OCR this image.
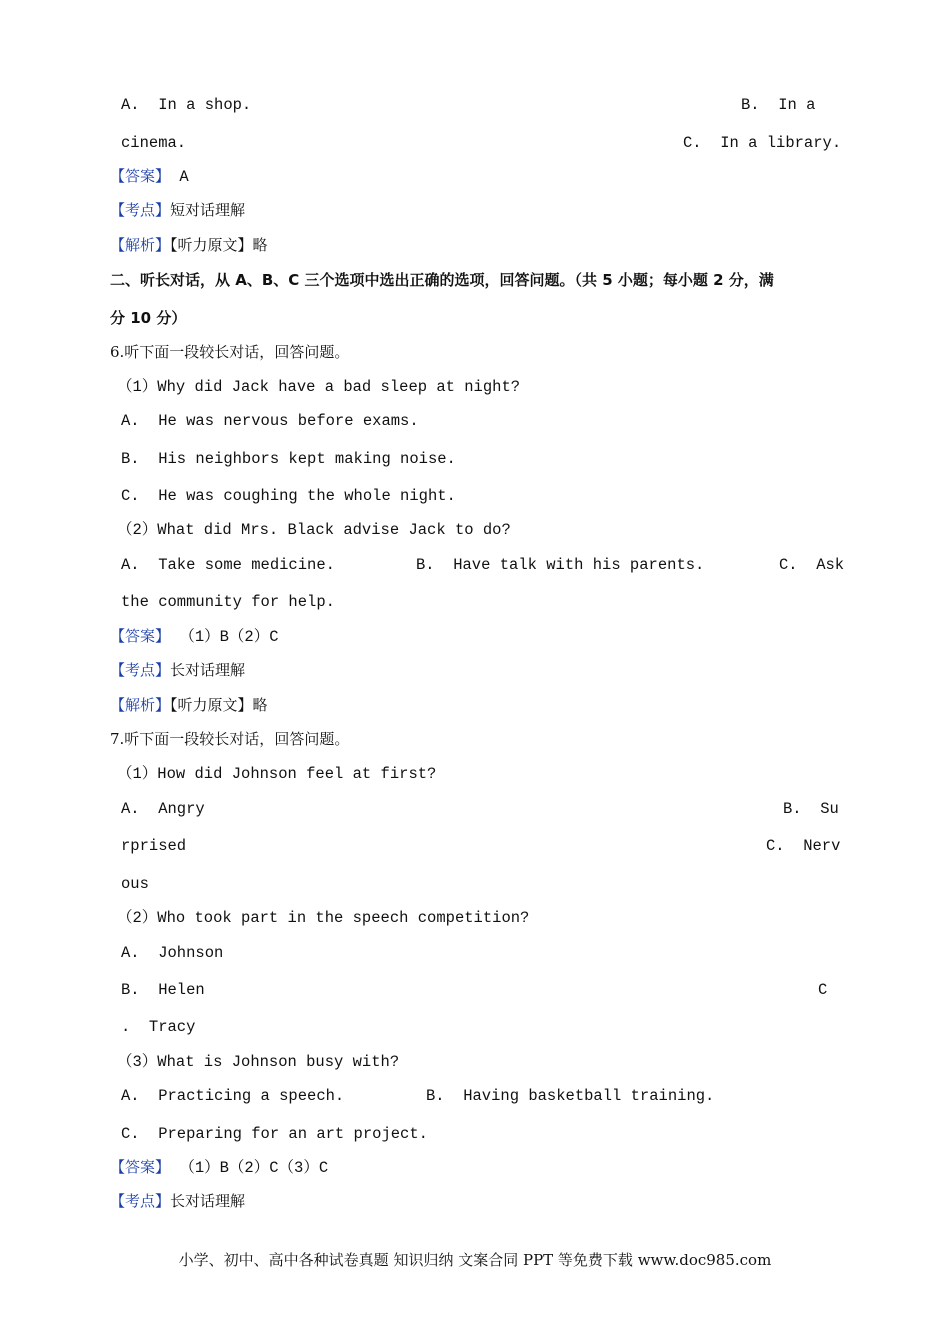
A.  In a shop.	B.  In a
cinema.	C.  In a library.
【答案】 A
【考点】短对话理解
【解析】【听力原文】略
二、听长对话，从 A、B、C 三个选项中选出正确的选项，回答问题。（共 5 小题；每小题 2 分，满
分 10 分）
6.听下面一段较长对话，回答问题。
（1）Why did Jack have a bad sleep at night?
A.  He was nervous before exams.
B.  His neighbors kept making noise.
C.  He was coughing the whole night.
（2）What did Mrs. Black advise Jack to do?
A.  Take some medicine.	B.  Have talk with his parents.	C.  Ask
the community for help.
【答案】 （1）B（2）C
【考点】长对话理解
【解析】【听力原文】略
7.听下面一段较长对话，回答问题。
（1）How did Johnson feel at first?
A.  Angry	B.  Su
rprised	C.  Nerv
ous
（2）Who took part in the speech competition?
A.  Johnson
B.  Helen	C
.  Tracy
（3）What is Johnson busy with?
A.  Practicing a speech.	B.  Having basketball training.
C.  Preparing for an art project.
【答案】 （1）B（2）C（3）C
【考点】长对话理解
小学、初中、高中各种试卷真题 知识归纳 文案合同 PPT 等免费下载 www.doc985.com
